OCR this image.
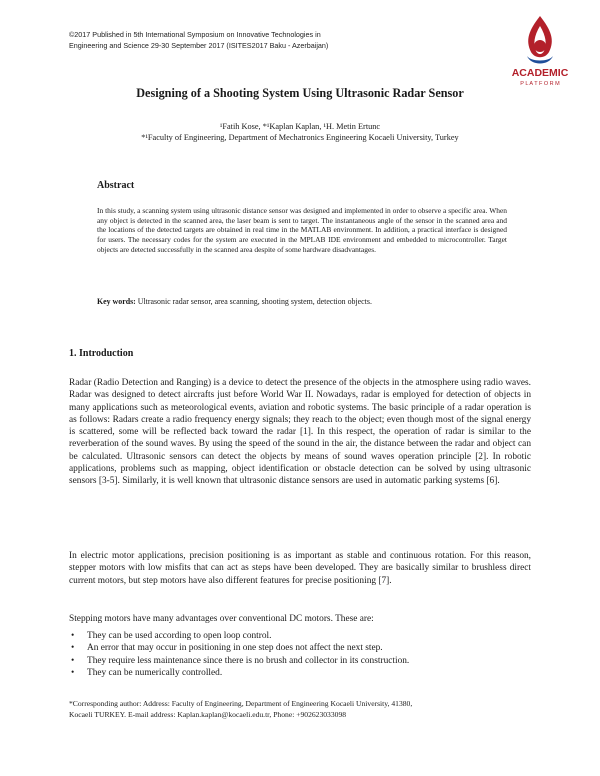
©2017 Published in 5th International Symposium on Innovative Technologies in
Engineering and Science 29-30 September 2017 (ISITES2017 Baku - Azerbaijan)
ACADEMIC
P L A T F O R M
Designing of a Shooting System Using Ultrasonic Radar Sensor
¹Fatih Kose, *¹Kaplan Kaplan, ¹H. Metin Ertunc
*¹Faculty of Engineering, Department of Mechatronics Engineering Kocaeli University, Turkey
Abstract
In this study, a scanning system using ultrasonic distance sensor was designed and implemented in order to observe a specific area. When any object is detected in the scanned area, the laser beam is sent to target. The instantaneous angle of the sensor in the scanned area and the locations of the detected targets are obtained in real time in the MATLAB environment. In addition, a practical interface is designed for users. The necessary codes for the system are executed in the MPLAB IDE environment and embedded to microcontroller. Target objects are detected successfully in the scanned area despite of some hardware disadvantages.
Key words: Ultrasonic radar sensor, area scanning, shooting system, detection objects.
1. Introduction
Radar (Radio Detection and Ranging) is a device to detect the presence of the objects in the atmosphere using radio waves. Radar was designed to detect aircrafts just before World War II. Nowadays, radar is employed for detection of objects in many applications such as meteorological events, aviation and robotic systems. The basic principle of a radar operation is as follows: Radars create a radio frequency energy signals; they reach to the object; even though most of the signal energy is scattered, some will be reflected back toward the radar [1]. In this respect, the operation of radar is similar to the reverberation of the sound waves. By using the speed of the sound in the air, the distance between the radar and object can be calculated. Ultrasonic sensors can detect the objects by means of sound waves operation principle [2]. In robotic applications, problems such as mapping, object identification or obstacle detection can be solved by using ultrasonic sensors [3-5]. Similarly, it is well known that ultrasonic distance sensors are used in automatic parking systems [6].
In electric motor applications, precision positioning is as important as stable and continuous rotation. For this reason, stepper motors with low misfits that can act as steps have been developed. They are basically similar to brushless direct current motors, but step motors have also different features for precise positioning [7].
Stepping motors have many advantages over conventional DC motors. These are:
• They can be used according to open loop control.
• An error that may occur in positioning in one step does not affect the next step.
• They require less maintenance since there is no brush and collector in its construction.
• They can be numerically controlled.
*Corresponding author: Address: Faculty of Engineering, Department of Engineering Kocaeli University, 41380,
Kocaeli TURKEY. E-mail address: Kaplan.kaplan@kocaeli.edu.tr, Phone: +902623033098
